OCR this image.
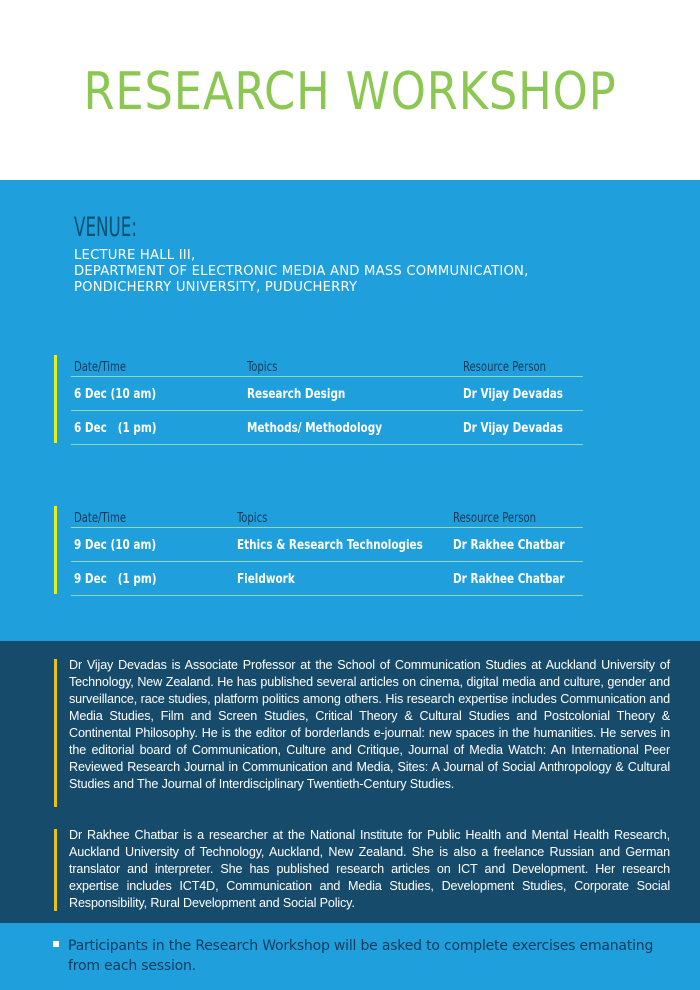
RESEARCH WORKSHOP
VENUE:
LECTURE HALL III,
DEPARTMENT OF ELECTRONIC MEDIA AND MASS COMMUNICATION,
PONDICHERRY UNIVERSITY, PUDUCHERRY
Date/Time	Topics	Resource Person
6 Dec (10 am)	Research Design	Dr Vijay Devadas
6 Dec   (1 pm)	Methods/ Methodology	Dr Vijay Devadas
Date/Time	Topics	Resource Person
9 Dec (10 am)	Ethics & Research Technologies	Dr Rakhee Chatbar
9 Dec   (1 pm)	Fieldwork	Dr Rakhee Chatbar

Dr Vijay Devadas is Associate Professor at the School of Communication Studies at Auckland University of Technology, New Zealand. He has published several articles on cinema, digital media and culture, gender and surveillance, race studies, platform politics among others. His research expertise includes Communication and Media Studies, Film and Screen Studies, Critical Theory & Cultural Studies and Postcolonial Theory & Continental Philosophy. He is the editor of borderlands e-journal: new spaces in the humanities. He serves in the editorial board of Communication, Culture and Critique, Journal of Media Watch: An International Peer Reviewed Research Journal in Communication and Media, Sites: A Journal of Social Anthropology & Cultural Studies and The Journal of Interdisciplinary Twentieth-Century Studies.

Dr Rakhee Chatbar is a researcher at the National Institute for Public Health and Mental Health Research, Auckland University of Technology, Auckland, New Zealand. She is also a freelance Russian and German translator and interpreter. She has published research articles on ICT and Development. Her research expertise includes ICT4D, Communication and Media Studies, Development Studies, Corporate Social Responsibility, Rural Development and Social Policy.

Participants in the Research Workshop will be asked to complete exercises emanating from each session.
